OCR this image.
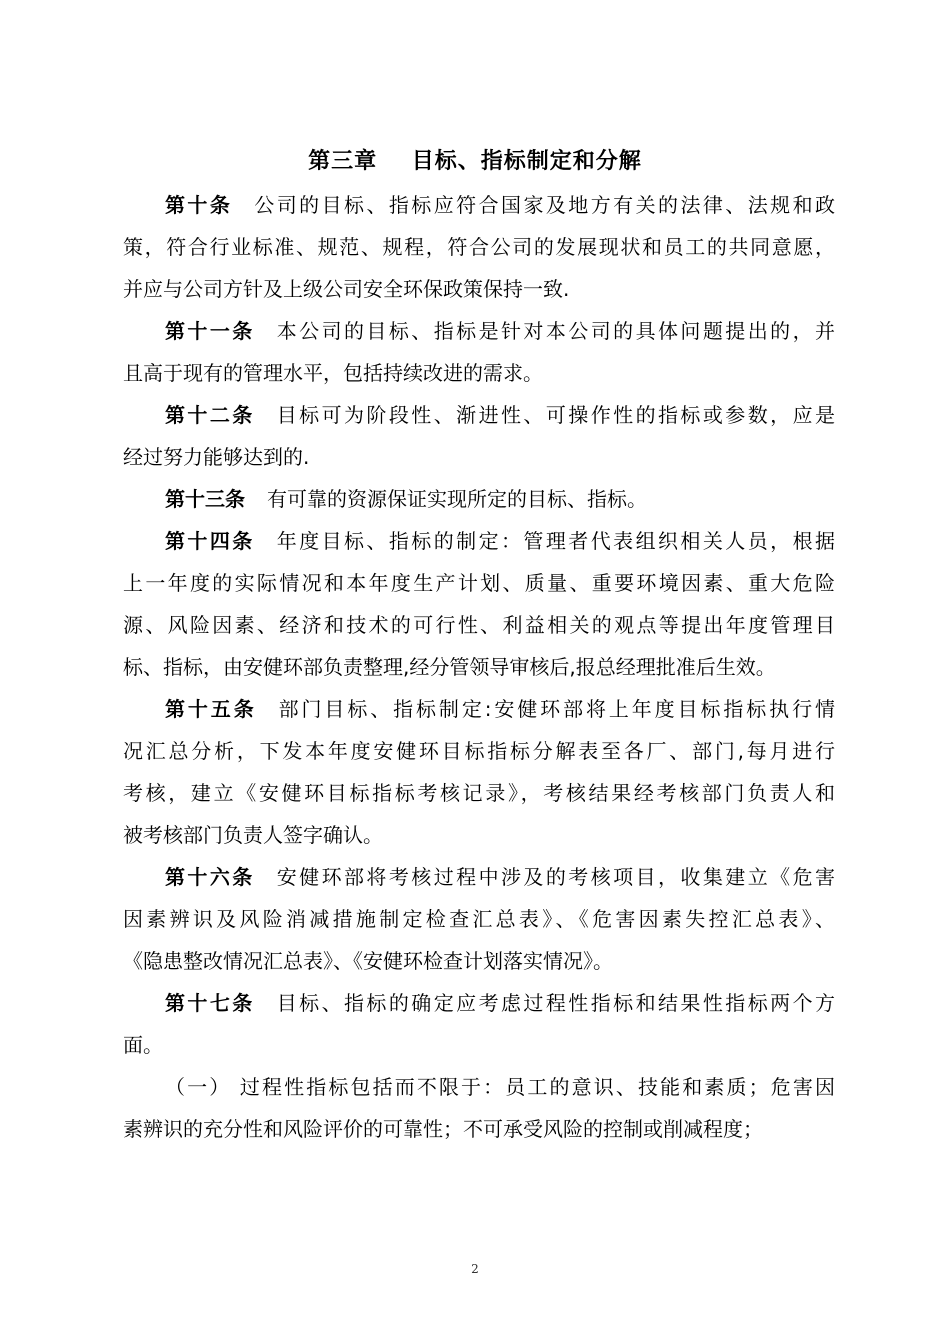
第三章    目标、指标制定和分解
第十条 公司的目标、指标应符合国家及地方有关的法律、法规和政
策，符合行业标准、规范、规程，符合公司的发展现状和员工的共同意愿，
并应与公司方针及上级公司安全环保政策保持一致.
第十一条 本公司的目标、指标是针对本公司的具体问题提出的，并
且高于现有的管理水平，包括持续改进的需求。
第十二条 目标可为阶段性、渐进性、可操作性的指标或参数，应是
经过努力能够达到的.
第十三条 有可靠的资源保证实现所定的目标、指标。
第十四条 年度目标、指标的制定：管理者代表组织相关人员，根据
上一年度的实际情况和本年度生产计划、质量、重要环境因素、重大危险
源、风险因素、经济和技术的可行性、利益相关的观点等提出年度管理目
标、指标，由安健环部负责整理,经分管领导审核后,报总经理批准后生效。
第十五条 部门目标、指标制定:安健环部将上年度目标指标执行情
况汇总分析，下发本年度安健环目标指标分解表至各厂、部门,每月进行
考核，建立《安健环目标指标考核记录》，考核结果经考核部门负责人和
被考核部门负责人签字确认。
第十六条 安健环部将考核过程中涉及的考核项目，收集建立《危害
因素辨识及风险消减措施制定检查汇总表》、《危害因素失控汇总表》、
《隐患整改情况汇总表》、《安健环检查计划落实情况》。
第十七条 目标、指标的确定应考虑过程性指标和结果性指标两个方
面。
（一） 过程性指标包括而不限于：员工的意识、技能和素质；危害因
素辨识的充分性和风险评价的可靠性；不可承受风险的控制或削减程度；
2
